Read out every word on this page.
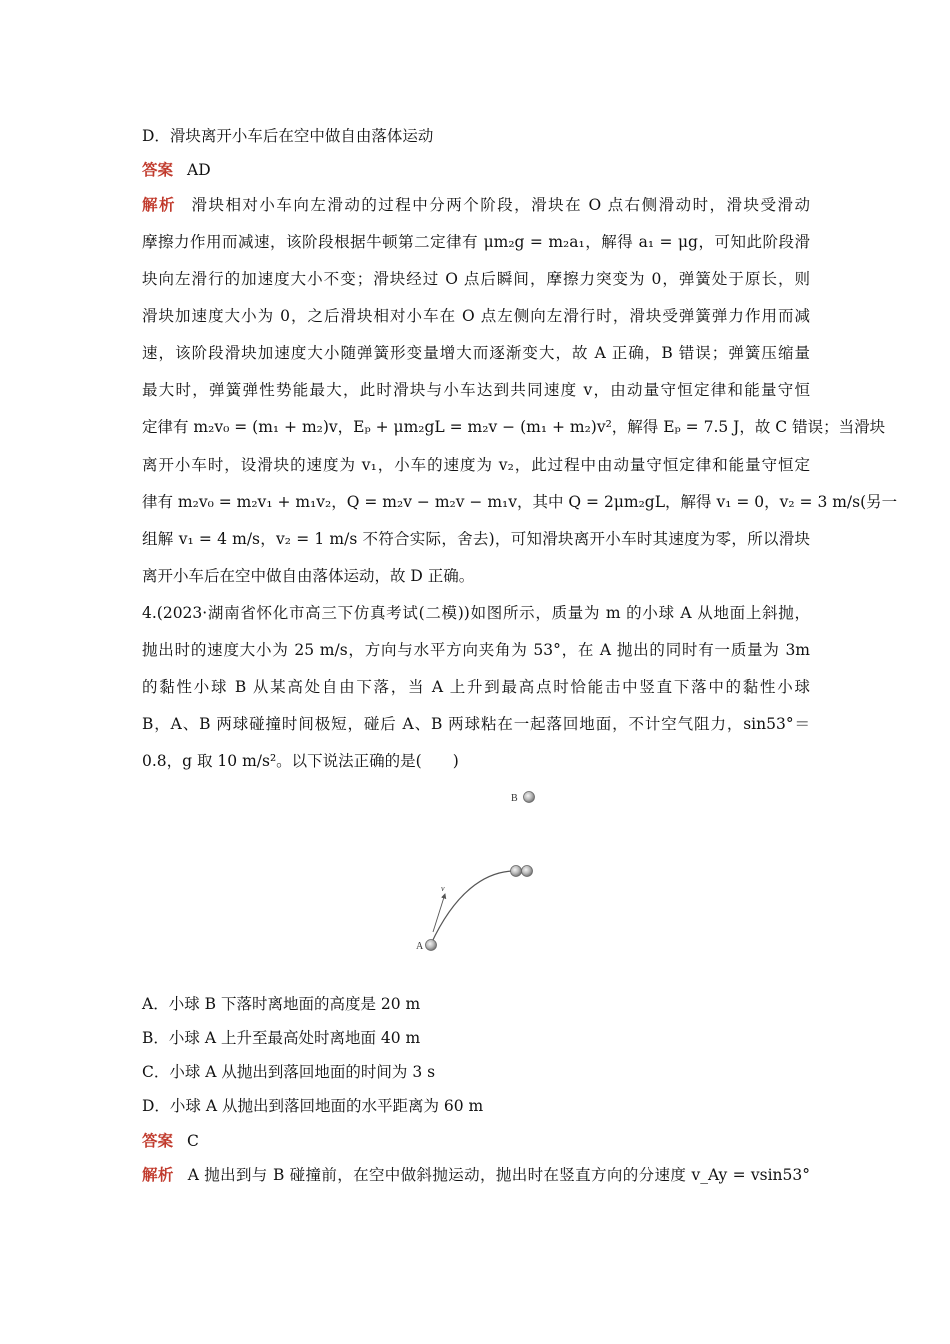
D．滑块离开小车后在空中做自由落体运动
答案 AD
解析 滑块相对小车向左滑动的过程中分两个阶段，滑块在 O 点右侧滑动时，滑块受滑动
摩擦力作用而减速，该阶段根据牛顿第二定律有 μm₂g = m₂a₁，解得 a₁ = μg，可知此阶段滑
块向左滑行的加速度大小不变；滑块经过 O 点后瞬间，摩擦力突变为 0，弹簧处于原长，则
滑块加速度大小为 0，之后滑块相对小车在 O 点左侧向左滑行时，滑块受弹簧弹力作用而减
速，该阶段滑块加速度大小随弹簧形变量增大而逐渐变大，故 A 正确，B 错误；弹簧压缩量
最大时，弹簧弹性势能最大，此时滑块与小车达到共同速度 v，由动量守恒定律和能量守恒
定律有 m₂v₀ = (m₁ + m₂)v，Eₚ + μm₂gL = m₂v − (m₁ + m₂)v²，解得 Eₚ = 7.5 J，故 C 错误；当滑块
离开小车时，设滑块的速度为 v₁，小车的速度为 v₂，此过程中由动量守恒定律和能量守恒定
律有 m₂v₀ = m₂v₁ + m₁v₂，Q = m₂v − m₂v − m₁v，其中 Q = 2μm₂gL，解得 v₁ = 0，v₂ = 3 m/s(另一
组解 v₁ = 4 m/s，v₂ = 1 m/s 不符合实际，舍去)，可知滑块离开小车时其速度为零，所以滑块
离开小车后在空中做自由落体运动，故 D 正确。
4.(2023·湖南省怀化市高三下仿真考试(二模))如图所示，质量为 m 的小球 A 从地面上斜抛，
抛出时的速度大小为 25 m/s，方向与水平方向夹角为 53°，在 A 抛出的同时有一质量为 3m
的黏性小球 B 从某高处自由下落，当 A 上升到最高点时恰能击中竖直下落中的黏性小球
B，A、B 两球碰撞时间极短，碰后 A、B 两球粘在一起落回地面，不计空气阻力，sin53°＝
0.8，g 取 10 m/s²。以下说法正确的是(　　)
B
v
A
A．小球 B 下落时离地面的高度是 20 m
B．小球 A 上升至最高处时离地面 40 m
C．小球 A 从抛出到落回地面的时间为 3 s
D．小球 A 从抛出到落回地面的水平距离为 60 m
答案 C
解析 A 抛出到与 B 碰撞前，在空中做斜抛运动，抛出时在竖直方向的分速度 v_Ay = vsin53°
